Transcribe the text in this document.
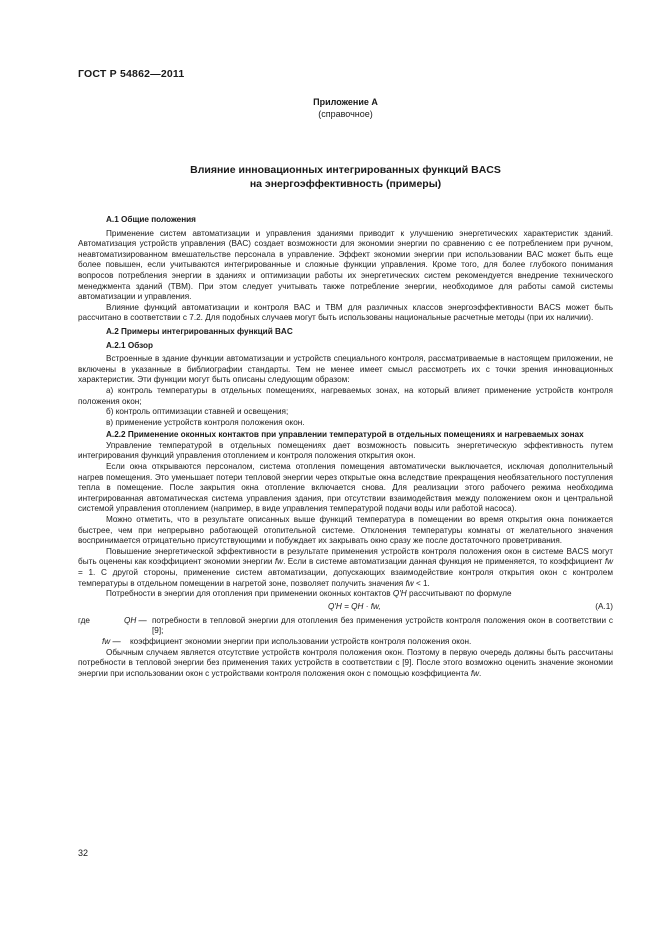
ГОСТ Р 54862—2011
Приложение А
(справочное)
Влияние инновационных интегрированных функций BACS
на энергоэффективность (примеры)
А.1 Общие положения

Применение систем автоматизации и управления зданиями приводит к улучшению энергетических характеристик зданий. Автоматизация устройств управления (BAC) создает возможности для экономии энергии по сравнению с ее потреблением при ручном, неавтоматизированном вмешательстве персонала в управление. Эффект экономии энергии при использовании BAC может быть еще более повышен, если учитываются интегрированные и сложные функции управления. Кроме того, для более глубокого понимания вопросов потребления энергии в зданиях и оптимизации работы их энергетических систем рекомендуется внедрение технического менеджмента зданий (TBM). При этом следует учитывать также потребление энергии, необходимое для работы самой системы автоматизации и управления.

Влияние функций автоматизации и контроля BAC и TBM для различных классов энергоэффективности BACS может быть рассчитано в соответствии с 7.2. Для подобных случаев могут быть использованы национальные расчетные методы (при их наличии).

А.2 Примеры интегрированных функций BAC
А.2.1 Обзор

Встроенные в здание функции автоматизации и устройств специального контроля, рассматриваемые в настоящем приложении, не включены в указанные в библиографии стандарты. Тем не менее имеет смысл рассмотреть их с точки зрения инновационных характеристик. Эти функции могут быть описаны следующим образом:

а) контроль температуры в отдельных помещениях, нагреваемых зонах, на который влияет применение устройств контроля положения окон;

б) контроль оптимизации ставней и освещения;

в) применение устройств контроля положения окон.

А.2.2 Применение оконных контактов при управлении температурой в отдельных помещениях и нагреваемых зонах

Управление температурой в отдельных помещениях дает возможность повысить энергетическую эффективность путем интегрирования функций управления отоплением и контроля положения открытия окон.

Если окна открываются персоналом, система отопления помещения автоматически выключается, исключая дополнительный нагрев помещения. Это уменьшает потери тепловой энергии через открытые окна вследствие прекращения необязательного поступления тепла в помещение. После закрытия окна отопление включается снова. Для реализации этого рабочего режима необходима интегрированная автоматическая система управления здания, при отсутствии взаимодействия между положением окон и центральной системой управления отоплением (например, в виде управления температурой подачи воды или работой насоса).

Можно отметить, что в результате описанных выше функций температура в помещении во время открытия окна понижается быстрее, чем при непрерывно работающей отопительной системе. Отклонения температуры комнаты от желательного значения воспринимается отрицательно присутствующими и побуждает их закрывать окно сразу же после достаточного проветривания.

Повышение энергетической эффективности в результате применения устройств контроля положения окон в системе BACS могут быть оценены как коэффициент экономии энергии fw. Если в системе автоматизации данная функция не применяется, то коэффициент fw = 1. С другой стороны, применение систем автоматизации, допускающих взаимодействие контроля открытия окон с контролем температуры в отдельном помещении в нагретой зоне, позволяет получить значения fw < 1.

Потребности в энергии для отопления при применении оконных контактов Q′H рассчитывают по формуле

Q′H = QH · fw,	(А.1)
где	QH — потребности в тепловой энергии для отопления без применения устройств контроля положения окон в соответствии с [9];
fw —	коэффициент экономии энергии при использовании устройств контроля положения окон.

Обычным случаем является отсутствие устройств контроля положения окон. Поэтому в первую очередь должны быть рассчитаны потребности в тепловой энергии без применения таких устройств в соответствии с [9]. После этого возможно оценить значение экономии энергии при использовании окон с устройствами контроля положения окон с помощью коэффициента fw.

32
